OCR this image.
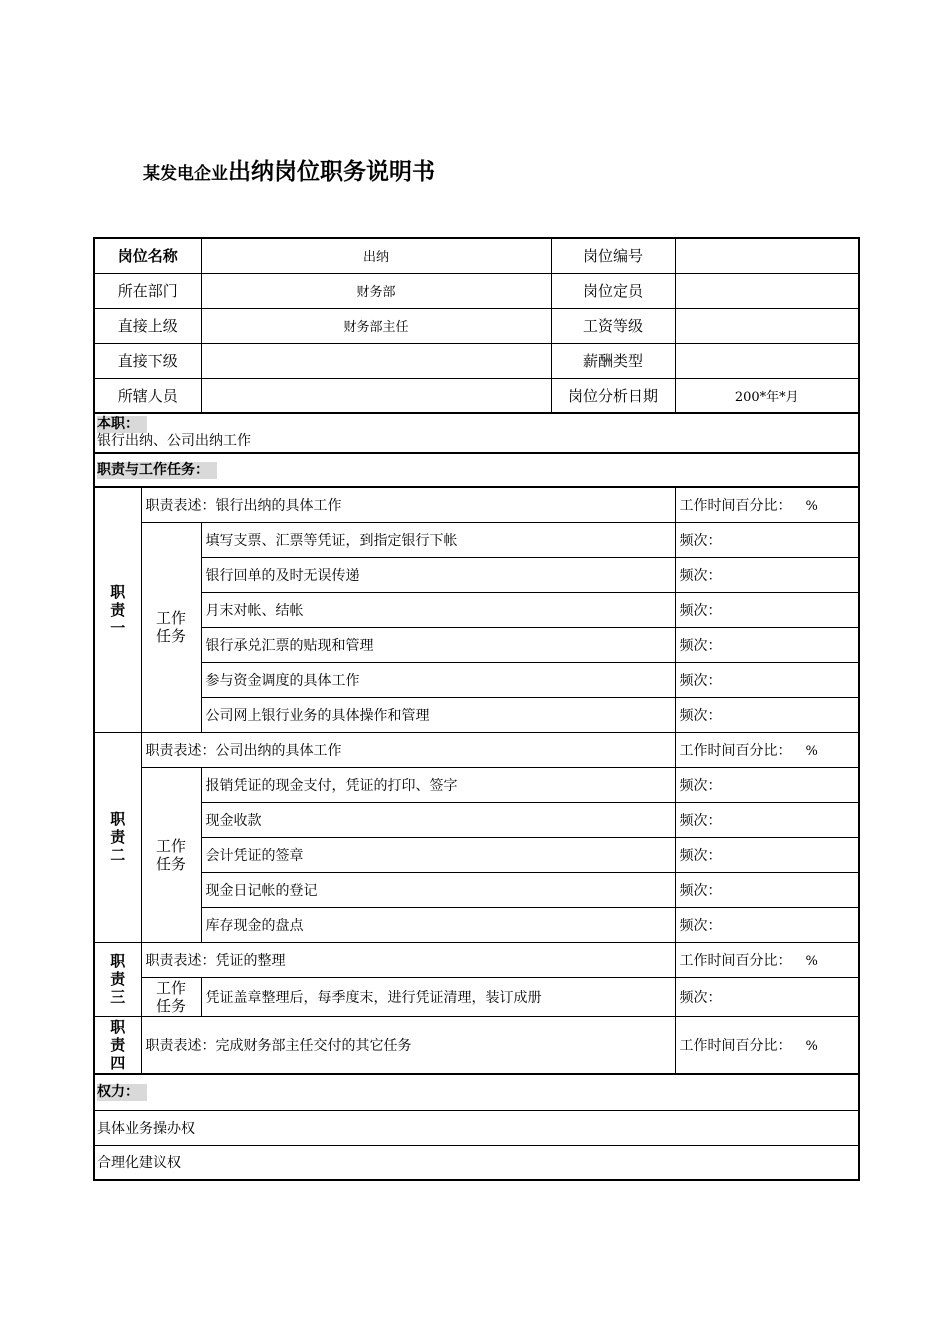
某发电企业出纳岗位职务说明书
岗位名称		出纳	岗位编号	
所在部门		财务部	岗位定员	
直接上级		财务部主任	工资等级	
直接下级			薪酬类型	
所辖人员			岗位分析日期	200*年*月
本职：
银行出纳、公司出纳工作				
职责与工作任务：				

职
责
一	职责表述：银行出纳的具体工作			工作时间百分比： %

	工作
任务	填写支票、汇票等凭证，到指定银行下帐		频次：
		银行回单的及时无误传递		频次：
		月末对帐、结帐		频次：
		银行承兑汇票的贴现和管理		频次：
		参与资金调度的具体工作		频次：
		公司网上银行业务的具体操作和管理		频次：

职
责
二	职责表述：公司出纳的具体工作			工作时间百分比： %

	工作
任务	报销凭证的现金支付，凭证的打印、签字		频次：
		现金收款		频次：
		会计凭证的签章		频次：
		现金日记帐的登记		频次：
		库存现金的盘点		频次：

职
责
三	职责表述：凭证的整理			工作时间百分比： %

	工作
任务	凭证盖章整理后，每季度末，进行凭证清理，装订成册		频次：

职
责
四	职责表述：完成财务部主任交付的其它任务			工作时间百分比： %
权力：				
具体业务操办权				
合理化建议权				
